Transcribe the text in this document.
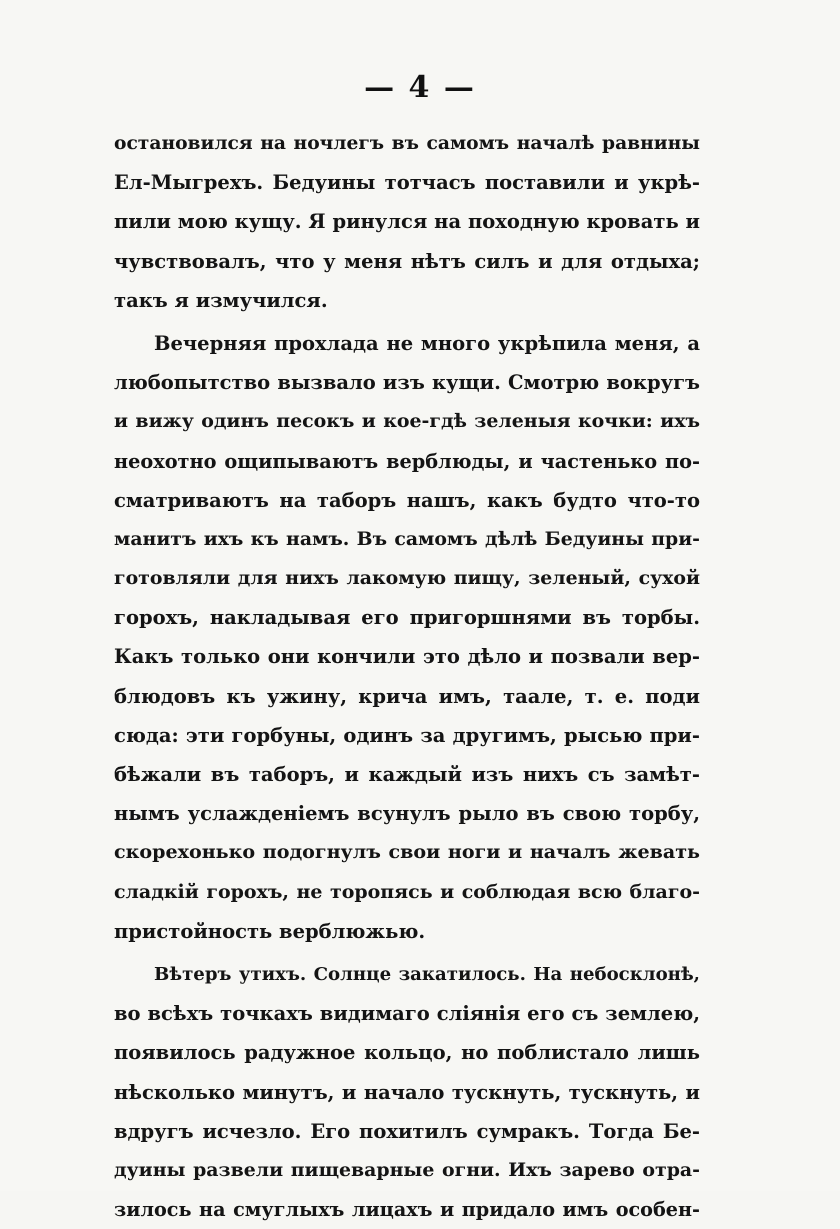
— 4 —
остановился на ночлегъ въ самомъ началѣ равнины
Ел-Мыгрехъ. Бедуины тотчасъ поставили и укрѣ-
пили мою кущу. Я ринулся на походную кровать и
чувствовалъ, что у меня нѣтъ силъ и для отдыха;
такъ я измучился.
Вечерняя прохлада не много укрѣпила меня, а
любопытство вызвало изъ кущи. Смотрю вокругъ
и вижу одинъ песокъ и кое-гдѣ зеленыя кочки: ихъ
неохотно ощипываютъ верблюды, и частенько по-
сматриваютъ на таборъ нашъ, какъ будто что-то
манитъ ихъ къ намъ. Въ самомъ дѣлѣ Бедуины при-
готовляли для нихъ лакомую пищу, зеленый, сухой
горохъ, накладывая его пригоршнями въ торбы.
Какъ только они кончили это дѣло и позвали вер-
блюдовъ къ ужину, крича имъ, таале, т. е. поди
сюда: эти горбуны, одинъ за другимъ, рысью при-
бѣжали въ таборъ, и каждый изъ нихъ съ замѣт-
нымъ услажденіемъ всунулъ рыло въ свою торбу,
скорехонько подогнулъ свои ноги и началъ жевать
сладкій горохъ, не торопясь и соблюдая всю благо-
пристойность верблюжью.
Вѣтеръ утихъ. Солнце закатилось. На небосклонѣ,
во всѣхъ точкахъ видимаго слiянія его съ землею,
появилось радужное кольцо, но поблистало лишь
нѣсколько минутъ, и начало тускнуть, тускнуть, и
вдругъ исчезло. Его похитилъ сумракъ. Тогда Бе-
дуины развели пищеварные огни. Ихъ зарево отра-
зилось на смуглыхъ лицахъ и придало имъ особен-
